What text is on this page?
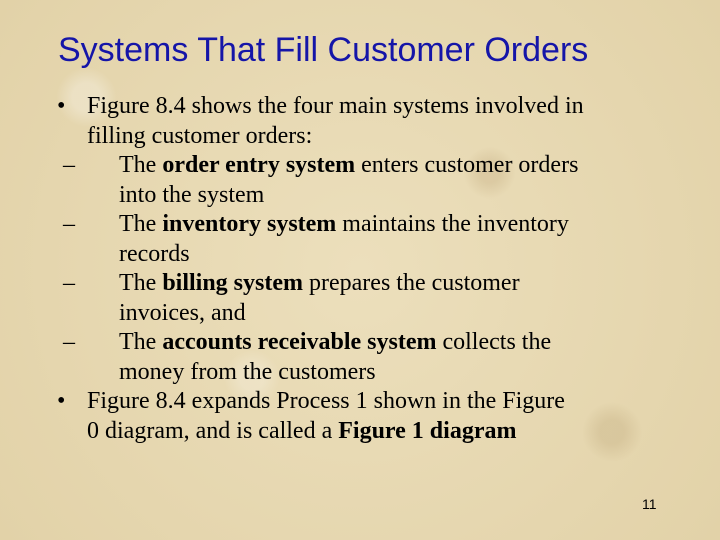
Systems That Fill Customer Orders
• Figure 8.4 shows the four main systems involved in
filling customer orders:
– The order entry system enters customer orders
into the system
– The inventory system maintains the inventory
records
– The billing system prepares the customer
invoices, and
– The accounts receivable system collects the
money from the customers
• Figure 8.4 expands Process 1 shown in the Figure
0 diagram, and is called a Figure 1 diagram
11
